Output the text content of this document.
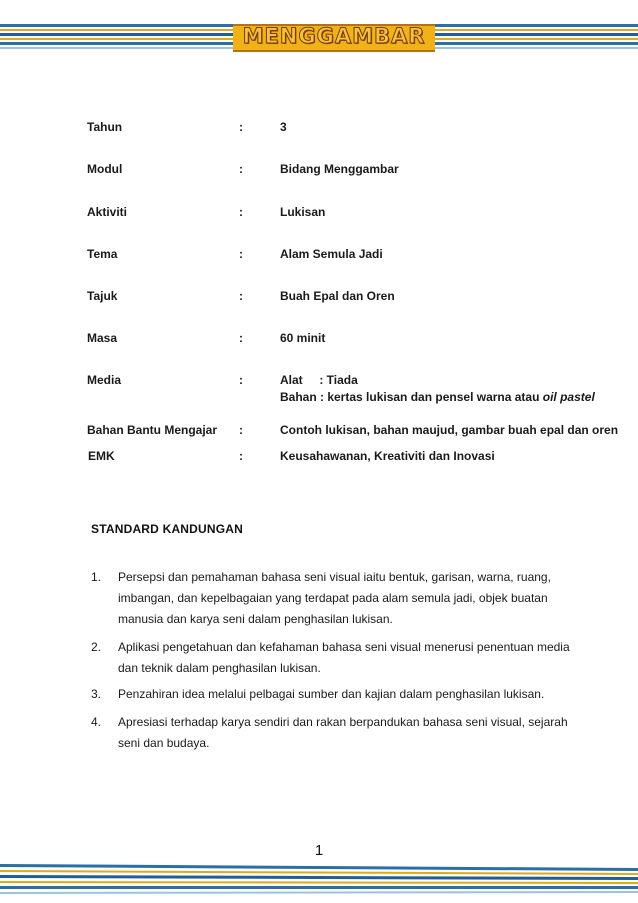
MENGGAMBAR
Tahun	:	3
Modul	:	Bidang Menggambar
Aktiviti	:	Lukisan
Tema	:	Alam Semula Jadi
Tajuk	:	Buah Epal dan Oren
Masa	:	60 minit
Media	:	Alat     : Tiada
Bahan : kertas lukisan dan pensel warna atau oil pastel
Bahan Bantu Mengajar :	Contoh lukisan, bahan maujud, gambar buah epal dan oren
EMK	:	Keusahawanan, Kreativiti dan Inovasi
STANDARD KANDUNGAN
1. Persepsi dan pemahaman bahasa seni visual iaitu bentuk, garisan, warna, ruang, imbangan, dan kepelbagaian yang terdapat pada alam semula jadi, objek buatan manusia dan karya seni dalam penghasilan lukisan.
2. Aplikasi pengetahuan dan kefahaman bahasa seni visual menerusi penentuan media dan teknik dalam penghasilan lukisan.
3. Penzahiran idea melalui pelbagai sumber dan kajian dalam penghasilan lukisan.
4. Apresiasi terhadap karya sendiri dan rakan berpandukan bahasa seni visual, sejarah seni dan budaya.
1
